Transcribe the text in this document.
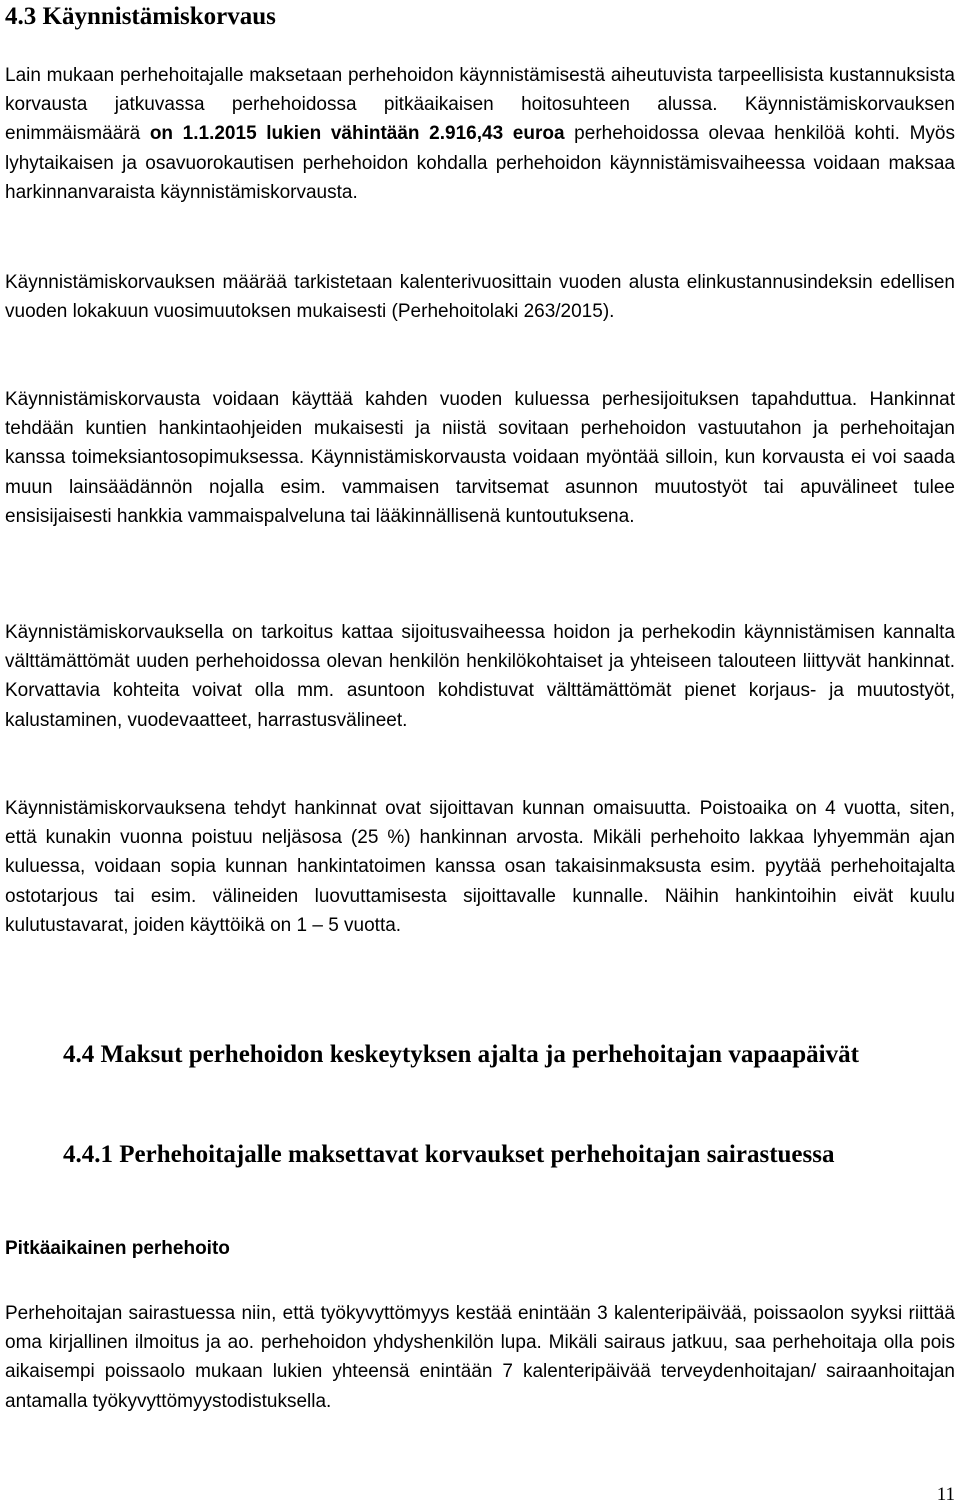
4.3 Käynnistämiskorvaus

Lain mukaan perhehoitajalle maksetaan perhehoidon käynnistämisestä aiheutuvista tarpeellisista kustannuksista korvausta jatkuvassa perhehoidossa pitkäaikaisen hoitosuhteen alussa. Käynnistämiskorvauksen enimmäismäärä on 1.1.2015 lukien vähintään 2.916,43 euroa perhehoidossa olevaa henkilöä kohti. Myös lyhytaikaisen ja osavuorokautisen perhehoidon kohdalla perhehoidon käynnistämisvaiheessa voidaan maksaa harkinnanvaraista käynnistämiskorvausta.

Käynnistämiskorvauksen määrää tarkistetaan kalenterivuosittain vuoden alusta elinkustannusindeksin edellisen vuoden lokakuun vuosimuutoksen mukaisesti (Perhehoitolaki 263/2015).

Käynnistämiskorvausta voidaan käyttää kahden vuoden kuluessa perhesijoituksen tapahduttua. Hankinnat tehdään kuntien hankintaohjeiden mukaisesti ja niistä sovitaan perhehoidon vastuutahon ja perhehoitajan kanssa toimeksiantosopimuksessa. Käynnistämiskorvausta voidaan myöntää silloin, kun korvausta ei voi saada muun lainsäädännön nojalla esim. vammaisen tarvitsemat asunnon muutostyöt tai apuvälineet tulee ensisijaisesti hankkia vammaispalveluna tai lääkinnällisenä kuntoutuksena.

Käynnistämiskorvauksella on tarkoitus kattaa sijoitusvaiheessa hoidon ja perhekodin käynnistämisen kannalta välttämättömät uuden perhehoidossa olevan henkilön henkilökohtaiset ja yhteiseen talouteen liittyvät hankinnat. Korvattavia kohteita voivat olla mm. asuntoon kohdistuvat välttämättömät pienet korjaus- ja muutostyöt, kalustaminen, vuodevaatteet, harrastusvälineet.

Käynnistämiskorvauksena tehdyt hankinnat ovat sijoittavan kunnan omaisuutta. Poistoaika on 4 vuotta, siten, että kunakin vuonna poistuu neljäsosa (25 %) hankinnan arvosta. Mikäli perhehoito lakkaa lyhyemmän ajan kuluessa, voidaan sopia kunnan hankintatoimen kanssa osan takaisinmaksusta esim. pyytää perhehoitajalta ostotarjous tai esim. välineiden luovuttamisesta sijoittavalle kunnalle. Näihin hankintoihin eivät kuulu kulutustavarat, joiden käyttöikä on 1 – 5 vuotta.

4.4 Maksut perhehoidon keskeytyksen ajalta ja perhehoitajan vapaapäivät
4.4.1 Perhehoitajalle maksettavat korvaukset perhehoitajan sairastuessa
Pitkäaikainen perhehoito

Perhehoitajan sairastuessa niin, että työkyvyttömyys kestää enintään 3 kalenteripäivää, poissaolon syyksi riittää oma kirjallinen ilmoitus ja ao. perhehoidon yhdyshenkilön lupa. Mikäli sairaus jatkuu, saa perhehoitaja olla pois aikaisempi poissaolo mukaan lukien yhteensä enintään 7 kalenteripäivää terveydenhoitajan/ sairaanhoitajan antamalla työkyvyttömyystodistuksella.

11
